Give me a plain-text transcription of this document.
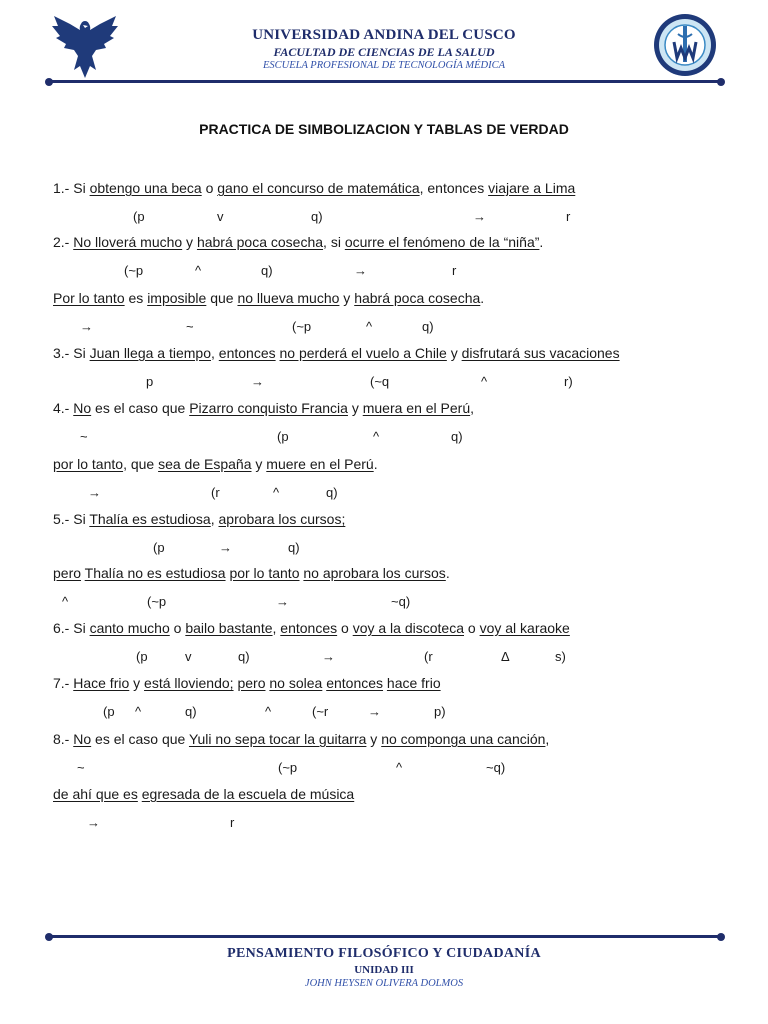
UNIVERSIDAD ANDINA DEL CUSCO
FACULTAD DE CIENCIAS DE LA SALUD
ESCUELA PROFESIONAL DE TECNOLOGÍA MÉDICA
PRACTICA DE SIMBOLIZACION Y TABLAS DE VERDAD
1.- Si obtengo una beca o gano el concurso de matemática, entonces viajare a Lima
(p	v	q)	→	r
2.- No lloverá mucho y habrá poca cosecha, si ocurre el fenómeno de la “niña”.
(~p	^	q)	→	r
Por lo tanto es imposible que no llueva mucho y habrá poca cosecha.
→	~	(~p	^	q)
3.- Si Juan llega a tiempo, entonces no perderá el vuelo a Chile y disfrutará sus vacaciones
p	→	(~q	^	r)
4.- No es el caso que Pizarro conquisto Francia y muera en el Perú,
~	(p	^	q)
por lo tanto, que sea de España y muere en el Perú.
→	(r	^	q)
5.- Si Thalía es estudiosa, aprobara los cursos;
(p	→	q)
pero Thalía no es estudiosa por lo tanto no aprobara los cursos.
^	(~p	→	~q)
6.- Si canto mucho o bailo bastante, entonces o voy a la discoteca o voy al karaoke
(p	v	q)	→	(r	Δ	s)
7.- Hace frio y está lloviendo; pero no solea entonces hace frio
(p ^	q)	^	(~r	→	p)
8.- No es el caso que Yuli no sepa tocar la guitarra y no componga una canción,
~	(~p	^	~q)
de ahí que es egresada de la escuela de música
→	r
PENSAMIENTO FILOSÓFICO Y CIUDADANÍA
UNIDAD III
JOHN HEYSEN OLIVERA DOLMOS
